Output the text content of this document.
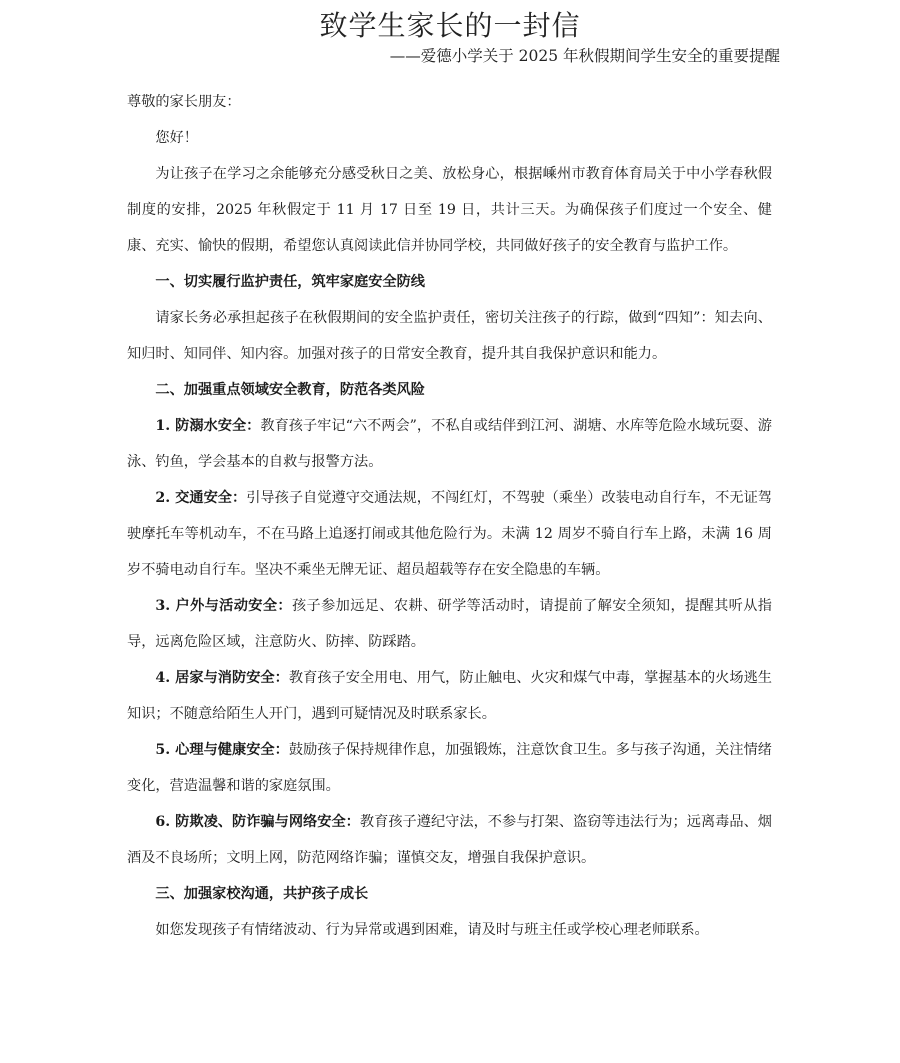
致学生家长的一封信
——爱德小学关于 2025 年秋假期间学生安全的重要提醒

尊敬的家长朋友：

您好！

为让孩子在学习之余能够充分感受秋日之美、放松身心，根据嵊州市教育体育局关于中小学春秋假制度的安排，2025 年秋假定于 11 月 17 日至 19 日，共计三天。为确保孩子们度过一个安全、健康、充实、愉快的假期，希望您认真阅读此信并协同学校，共同做好孩子的安全教育与监护工作。

一、切实履行监护责任，筑牢家庭安全防线

请家长务必承担起孩子在秋假期间的安全监护责任，密切关注孩子的行踪，做到“四知”：知去向、知归时、知同伴、知内容。加强对孩子的日常安全教育，提升其自我保护意识和能力。

二、加强重点领域安全教育，防范各类风险

1. 防溺水安全：教育孩子牢记“六不两会”，不私自或结伴到江河、湖塘、水库等危险水域玩耍、游泳、钓鱼，学会基本的自救与报警方法。

2. 交通安全：引导孩子自觉遵守交通法规，不闯红灯，不驾驶（乘坐）改装电动自行车，不无证驾驶摩托车等机动车，不在马路上追逐打闹或其他危险行为。未满 12 周岁不骑自行车上路，未满 16 周岁不骑电动自行车。坚决不乘坐无牌无证、超员超载等存在安全隐患的车辆。

3. 户外与活动安全：孩子参加远足、农耕、研学等活动时，请提前了解安全须知，提醒其听从指导，远离危险区域，注意防火、防摔、防踩踏。

4. 居家与消防安全：教育孩子安全用电、用气，防止触电、火灾和煤气中毒，掌握基本的火场逃生知识；不随意给陌生人开门，遇到可疑情况及时联系家长。

5. 心理与健康安全：鼓励孩子保持规律作息，加强锻炼，注意饮食卫生。多与孩子沟通，关注情绪变化，营造温馨和谐的家庭氛围。

6. 防欺凌、防诈骗与网络安全：教育孩子遵纪守法，不参与打架、盗窃等违法行为；远离毒品、烟酒及不良场所；文明上网，防范网络诈骗；谨慎交友，增强自我保护意识。

三、加强家校沟通，共护孩子成长

如您发现孩子有情绪波动、行为异常或遇到困难，请及时与班主任或学校心理老师联系。
